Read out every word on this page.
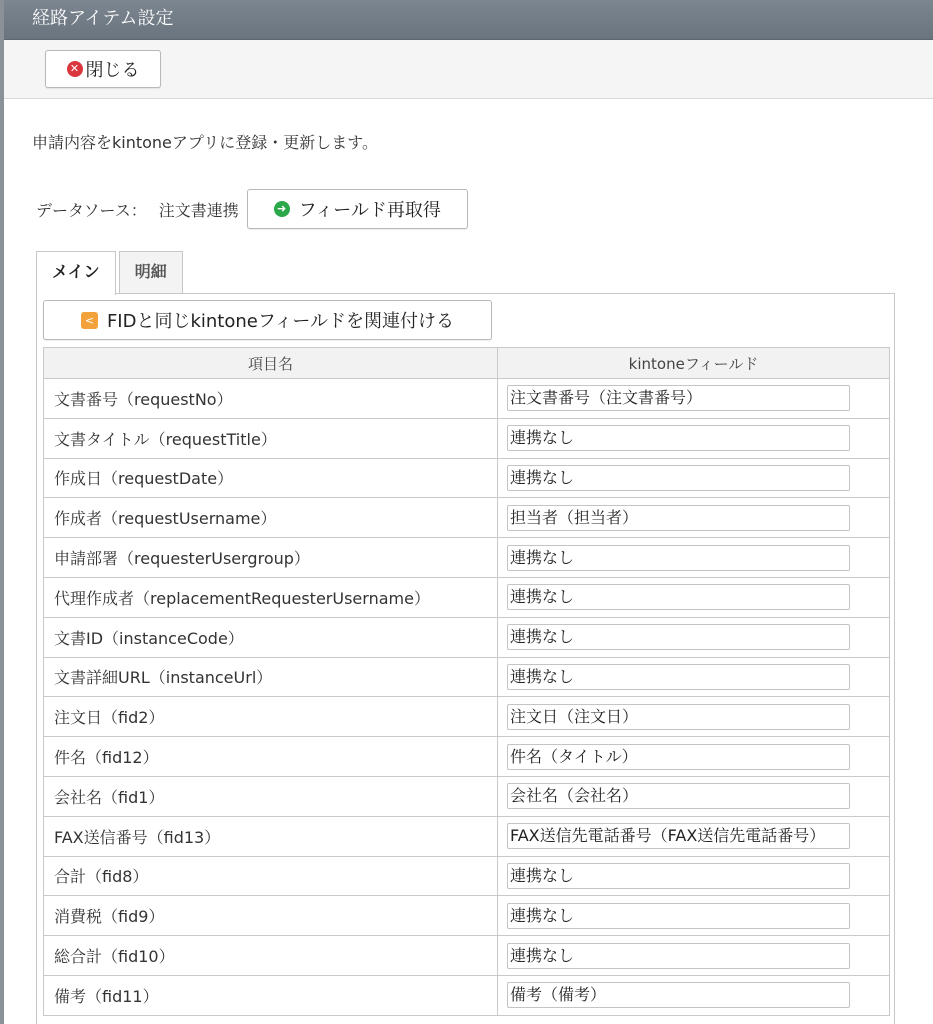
経路アイテム設定
✕ 閉じる
申請内容をkintoneアプリに登録・更新します。
データソース： 注文書連携	➜ フィールド再取得
メイン	明細
< FIDと同じkintoneフィールドを関連付ける
項目名	kintoneフィールド
文書番号（requestNo）	注文書番号（注文書番号）

文書タイトル（requestTitle）	連携なし

作成日（requestDate）	連携なし

作成者（requestUsername）	担当者（担当者）

申請部署（requesterUsergroup）	連携なし

代理作成者（replacementRequesterUsername）	連携なし

文書ID（instanceCode）	連携なし

文書詳細URL（instanceUrl）	連携なし

注文日（fid2）	注文日（注文日）

件名（fid12）	件名（タイトル）

会社名（fid1）	会社名（会社名）

FAX送信番号（fid13）	FAX送信先電話番号（FAX送信先電話番号）

合計（fid8）	連携なし

消費税（fid9）	連携なし

総合計（fid10）	連携なし

備考（fid11）	備考（備考）
